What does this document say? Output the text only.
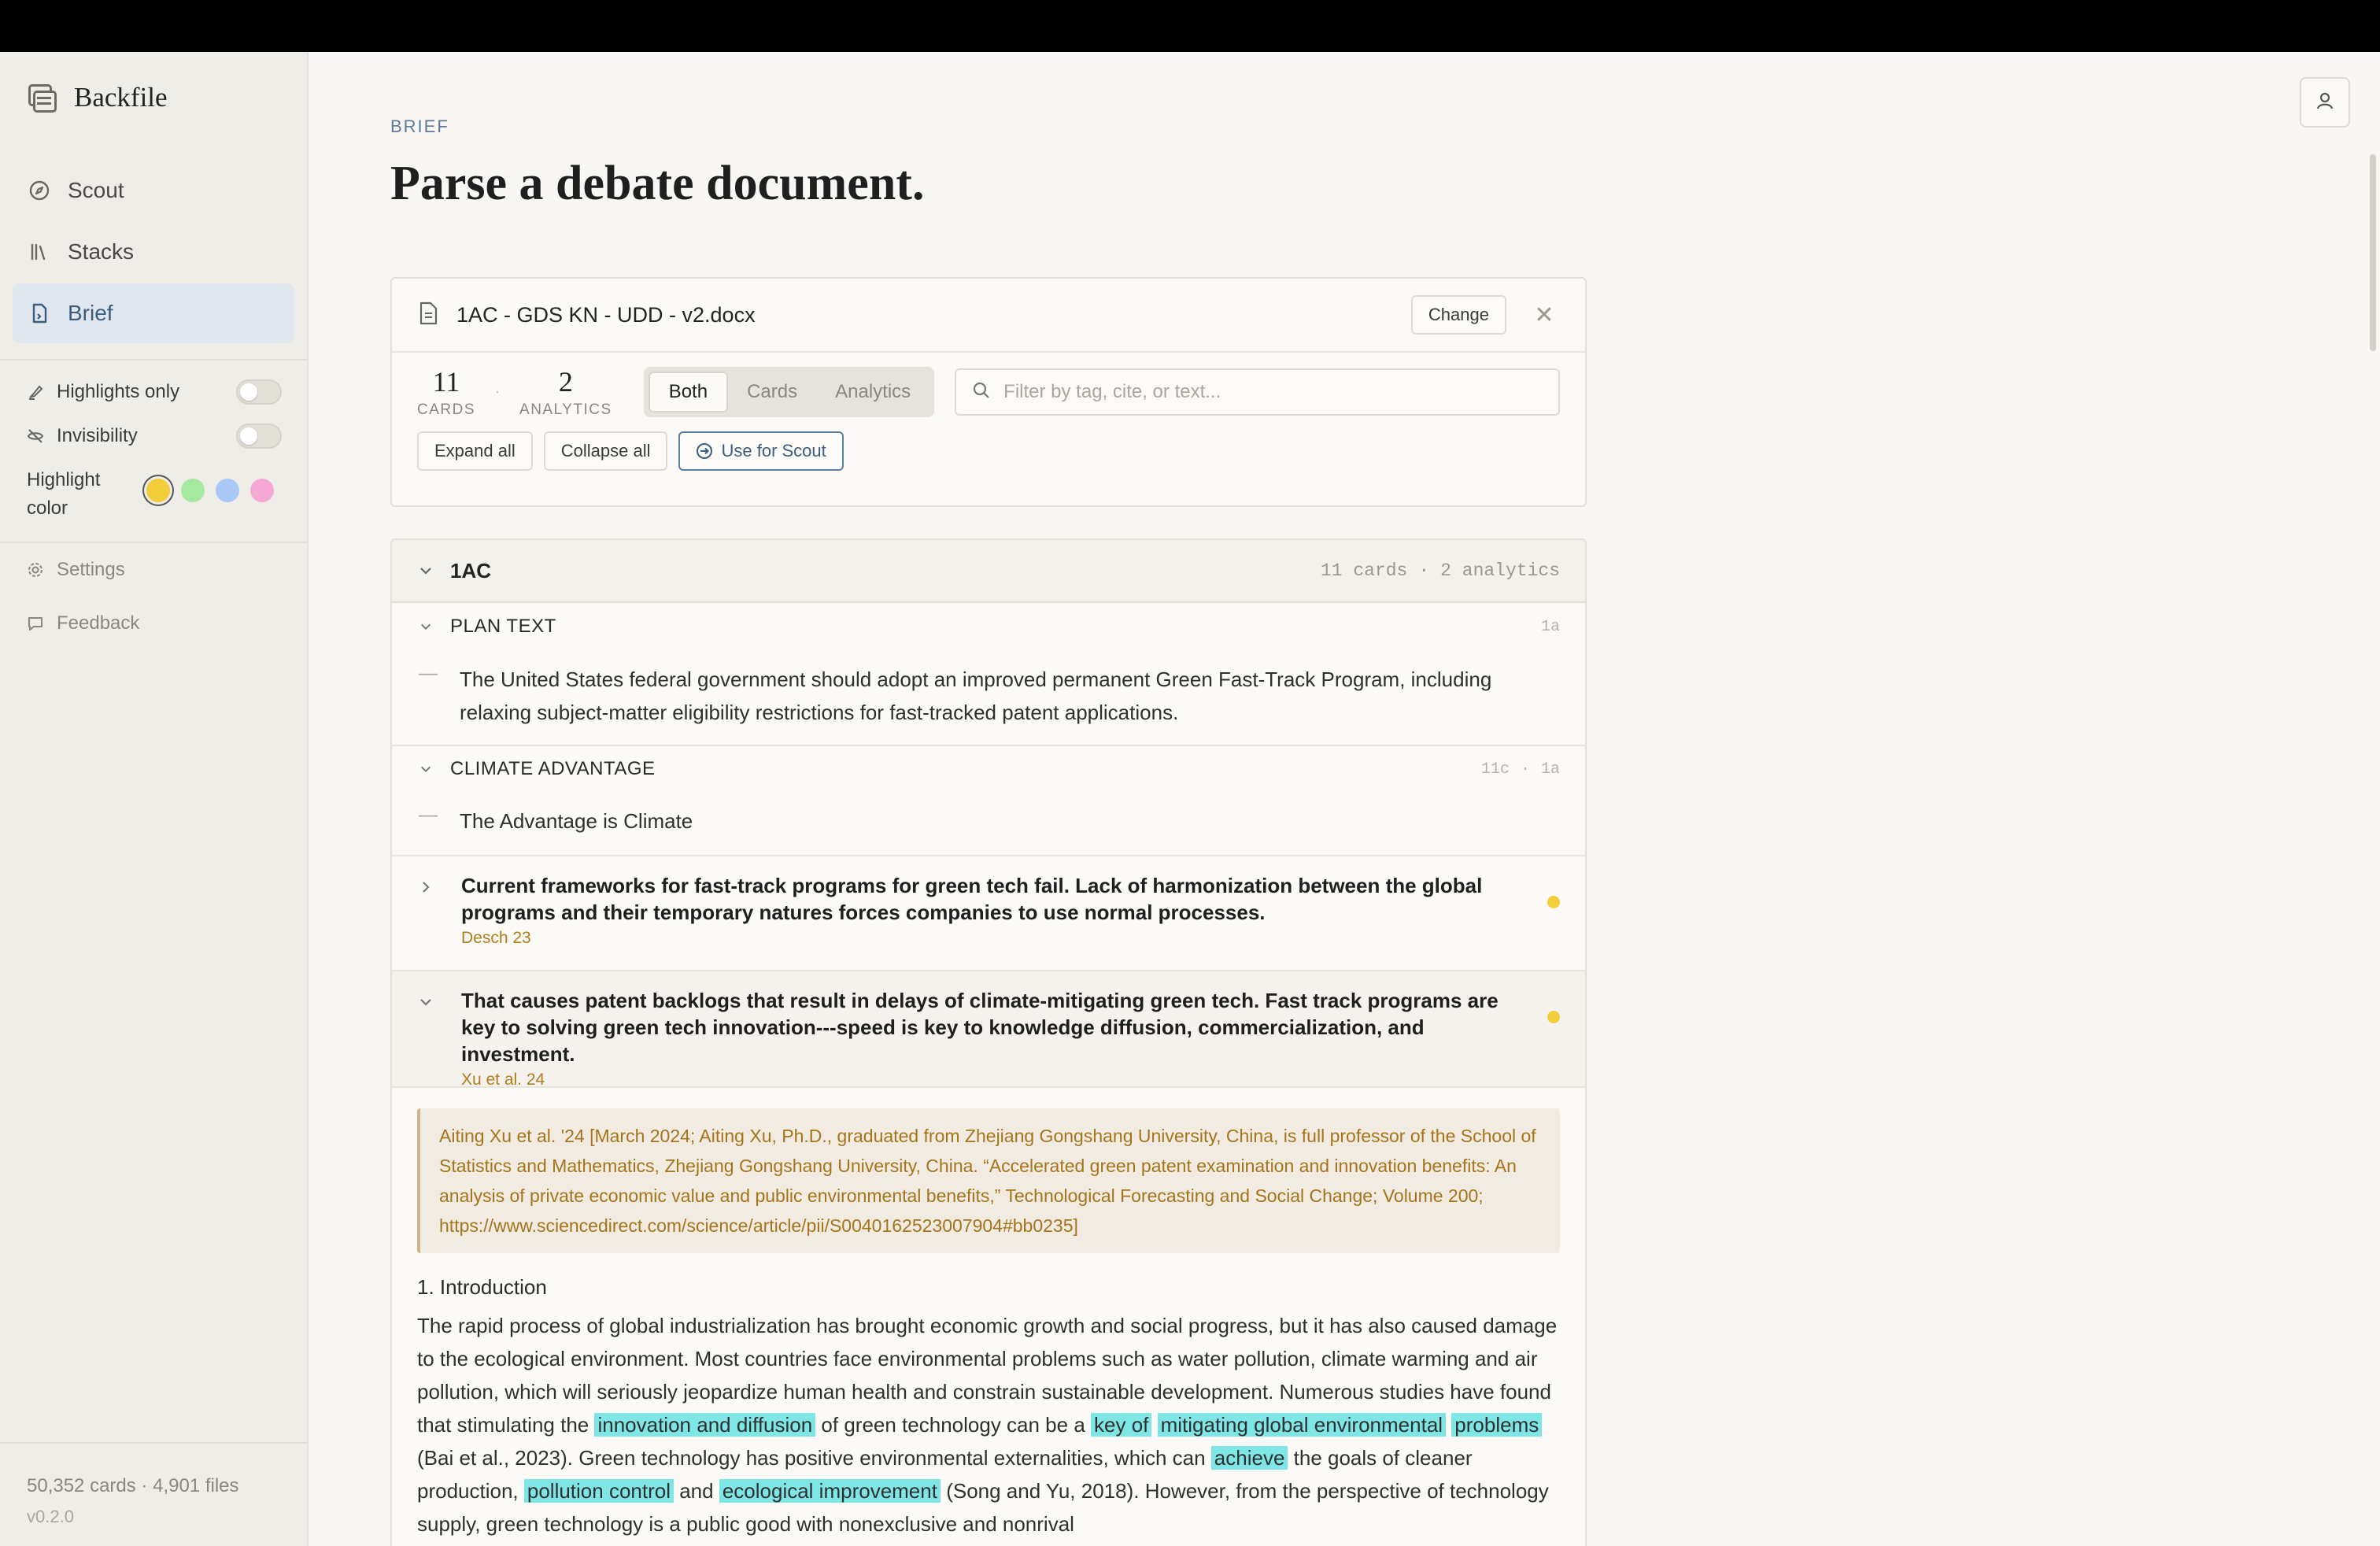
Backfile
Scout
Stacks
Brief
Highlights only
Invisibility
Highlight color
Settings
Feedback
50,352 cards · 4,901 files
v0.2.0
BRIEF
Parse a debate document.
1AC - GDS KN - UDD - v2.docx	Change	✕
11
CARDS
·	2
ANALYTICS
Both	Cards	Analytics
Filter by tag, cite, or text...
Expand all	Collapse all	Use for Scout
1AC	11 cards · 2 analytics
PLAN TEXT	1a
— The United States federal government should adopt an improved permanent Green Fast-Track Program, including relaxing subject-matter eligibility restrictions for fast-tracked patent applications.
CLIMATE ADVANTAGE	11c · 1a
— The Advantage is Climate
Current frameworks for fast-track programs for green tech fail. Lack of harmonization between the global programs and their temporary natures forces companies to use normal processes.
Desch 23
That causes patent backlogs that result in delays of climate-mitigating green tech. Fast track programs are key to solving green tech innovation---speed is key to knowledge diffusion, commercialization, and investment.
Xu et al. 24
Aiting Xu et al. '24 [March 2024; Aiting Xu, Ph.D., graduated from Zhejiang Gongshang University, China, is full professor of the School of Statistics and Mathematics, Zhejiang Gongshang University, China. “Accelerated green patent examination and innovation benefits: An analysis of private economic value and public environmental benefits,” Technological Forecasting and Social Change; Volume 200; https://www.sciencedirect.com/science/article/pii/S0040162523007904#bb0235]
1. Introduction

The rapid process of global industrialization has brought economic growth and social progress, but it has also caused damage to the ecological environment. Most countries face environmental problems such as water pollution, climate warming and air pollution, which will seriously jeopardize human health and constrain sustainable development. Numerous studies have found that stimulating the innovation and diffusion of green technology can be a key of mitigating global environmental problems (Bai et al., 2023). Green technology has positive environmental externalities, which can achieve the goals of cleaner production, pollution control and ecological improvement (Song and Yu, 2018). However, from the perspective of technology supply, green technology is a public good with nonexclusive and nonrival
